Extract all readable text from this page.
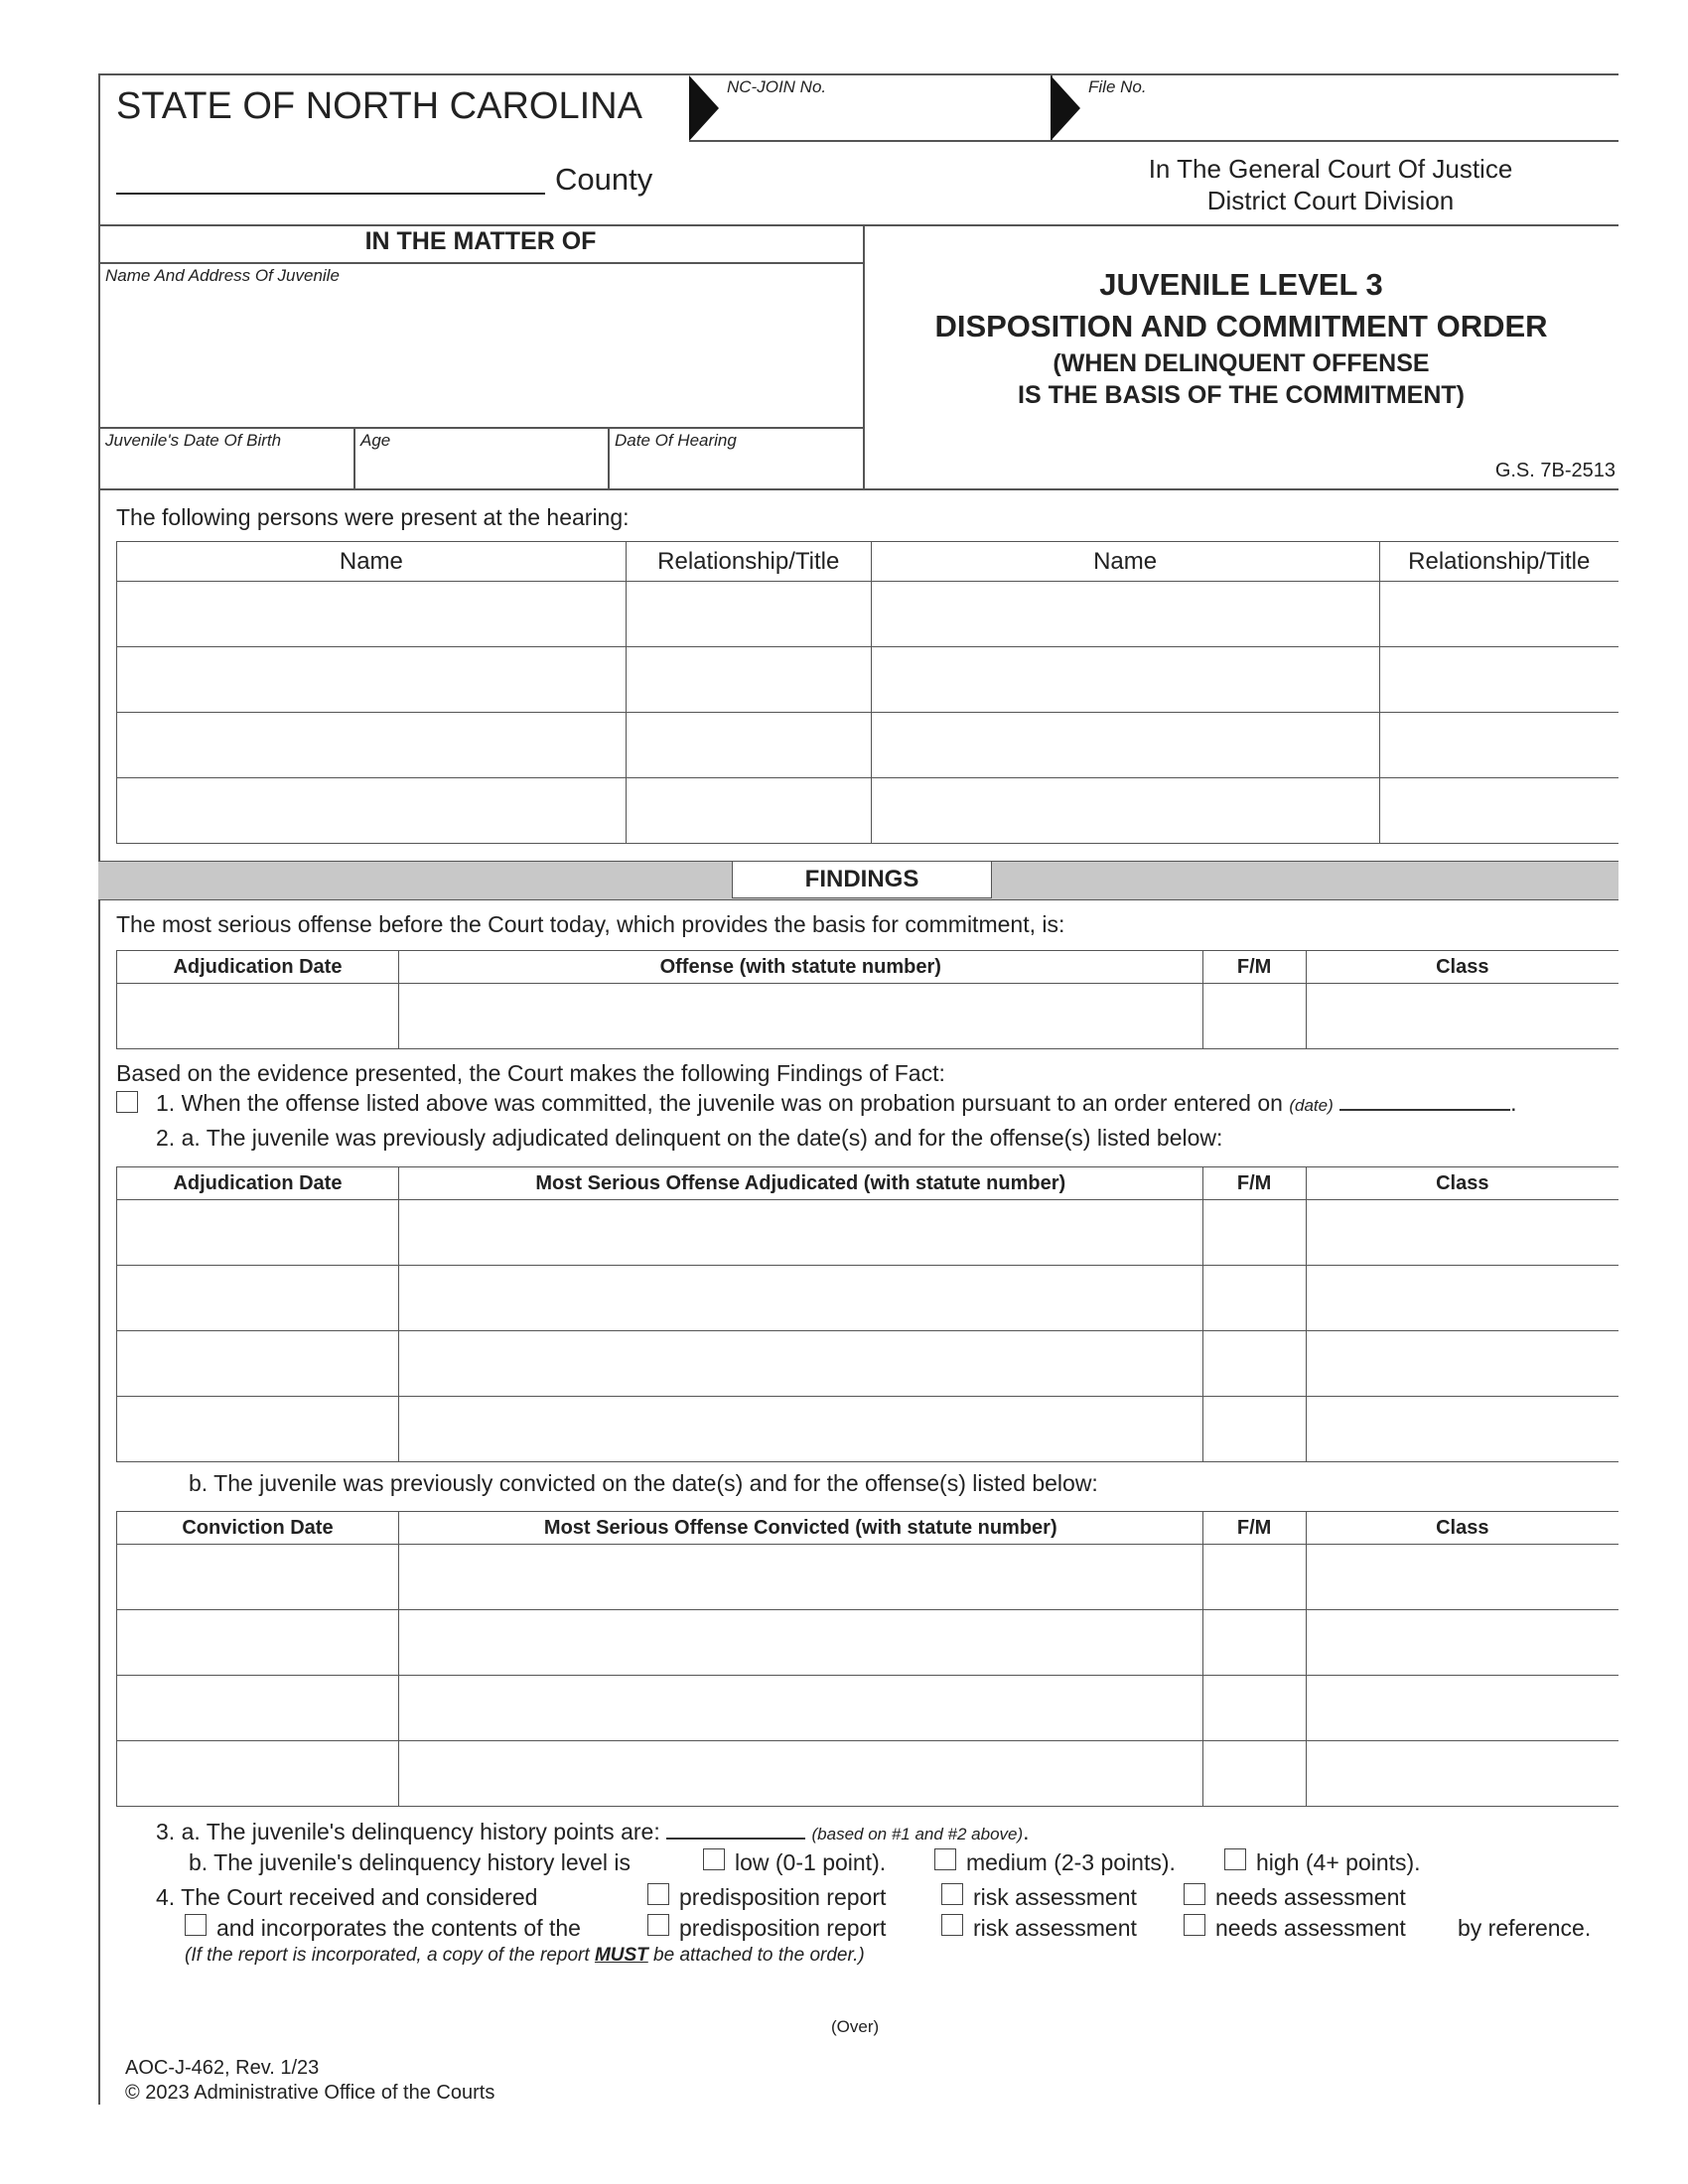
STATE OF NORTH CAROLINA	NC-JOIN No.	File No.
County	In The General Court Of Justice
District Court Division
IN THE MATTER OF
Name And Address Of Juvenile
Juvenile's Date Of Birth	Age	Date Of Hearing
JUVENILE LEVEL 3
DISPOSITION AND COMMITMENT ORDER
(WHEN DELINQUENT OFFENSE
IS THE BASIS OF THE COMMITMENT)
G.S. 7B-2513
The following persons were present at the hearing:
Name	Relationship/Title	Name	Relationship/Title

FINDINGS
The most serious offense before the Court today, which provides the basis for commitment, is:
Adjudication Date	Offense (with statute number)	F/M	Class

Based on the evidence presented, the Court makes the following Findings of Fact:
1. When the offense listed above was committed, the juvenile was on probation pursuant to an order entered on (date)	.
2. a. The juvenile was previously adjudicated delinquent on the date(s) and for the offense(s) listed below:
Adjudication Date	Most Serious Offense Adjudicated (with statute number)	F/M	Class

b. The juvenile was previously convicted on the date(s) and for the offense(s) listed below:
Conviction Date	Most Serious Offense Convicted (with statute number)	F/M	Class

3. a. The juvenile's delinquency history points are:	(based on #1 and #2 above).
b. The juvenile's delinquency history level is	low (0-1 point).	medium (2-3 points).	high (4+ points).
4. The Court received and considered	predisposition report	risk assessment	needs assessment
and incorporates the contents of the	predisposition report	risk assessment	needs assessment by reference.
(If the report is incorporated, a copy of the report MUST be attached to the order.)
(Over)
AOC-J-462, Rev. 1/23
© 2023 Administrative Office of the Courts
